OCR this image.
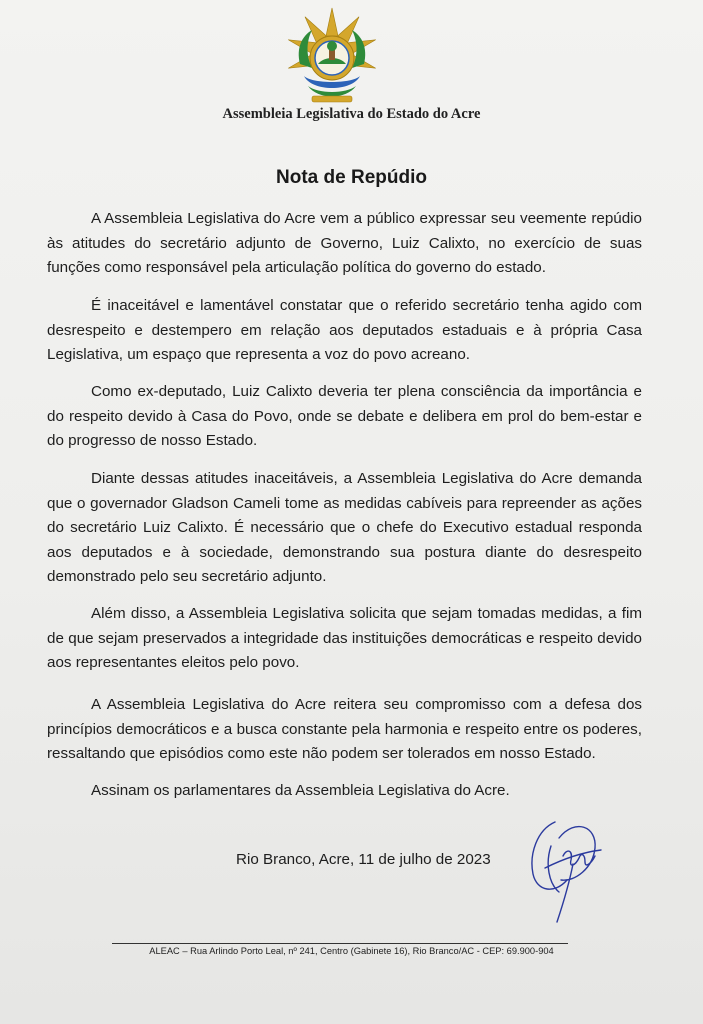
Assembleia Legislativa do Estado do Acre
Nota de Repúdio

A Assembleia Legislativa do Acre vem a público expressar seu veemente repúdio às atitudes do secretário adjunto de Governo, Luiz Calixto, no exercício de suas funções como responsável pela articulação política do governo do estado.

É inaceitável e lamentável constatar que o referido secretário tenha agido com desrespeito e destempero em relação aos deputados estaduais e à própria Casa Legislativa, um espaço que representa a voz do povo acreano.

Como ex-deputado, Luiz Calixto deveria ter plena consciência da importância e do respeito devido à Casa do Povo, onde se debate e delibera em prol do bem-estar e do progresso de nosso Estado.

Diante dessas atitudes inaceitáveis, a Assembleia Legislativa do Acre demanda que o governador Gladson Cameli tome as medidas cabíveis para repreender as ações do secretário Luiz Calixto. É necessário que o chefe do Executivo estadual responda aos deputados e à sociedade, demonstrando sua postura diante do desrespeito demonstrado pelo seu secretário adjunto.

Além disso, a Assembleia Legislativa solicita que sejam tomadas medidas, a fim de que sejam preservados a integridade das instituições democráticas e respeito devido aos representantes eleitos pelo povo.

A Assembleia Legislativa do Acre reitera seu compromisso com a defesa dos princípios democráticos e a busca constante pela harmonia e respeito entre os poderes, ressaltando que episódios como este não podem ser tolerados em nosso Estado.

Assinam os parlamentares da Assembleia Legislativa do Acre.

Rio Branco, Acre, 11 de julho de 2023
ALEAC – Rua Arlindo Porto Leal, nº 241, Centro (Gabinete 16), Rio Branco/AC - CEP: 69.900-904
